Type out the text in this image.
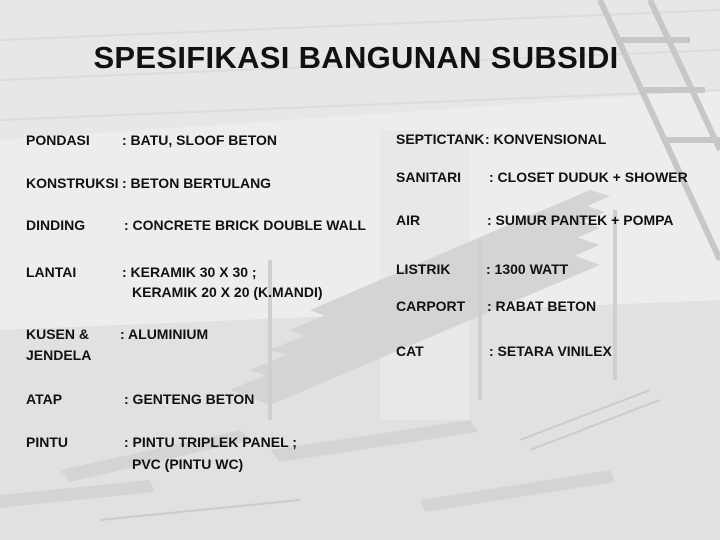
SPESIFIKASI BANGUNAN SUBSIDI
PONDASI : BATU, SLOOF BETON
KONSTRUKSI : BETON BERTULANG
DINDING	: CONCRETE BRICK DOUBLE WALL
LANTAI	: KERAMIK 30 X 30 ;
KERAMIK 20 X 20 (K.MANDI)
KUSEN &
JENDELA
: ALUMINIUM
ATAP	: GENTENG BETON
PINTU	: PINTU TRIPLEK PANEL ;
PVC (PINTU WC)
SEPTICTANK : KONVENSIONAL
SANITARI : CLOSET DUDUK + SHOWER
AIR	: SUMUR PANTEK + POMPA
LISTRIK	: 1300 WATT
CARPORT : RABAT BETON
CAT	: SETARA VINILEX
